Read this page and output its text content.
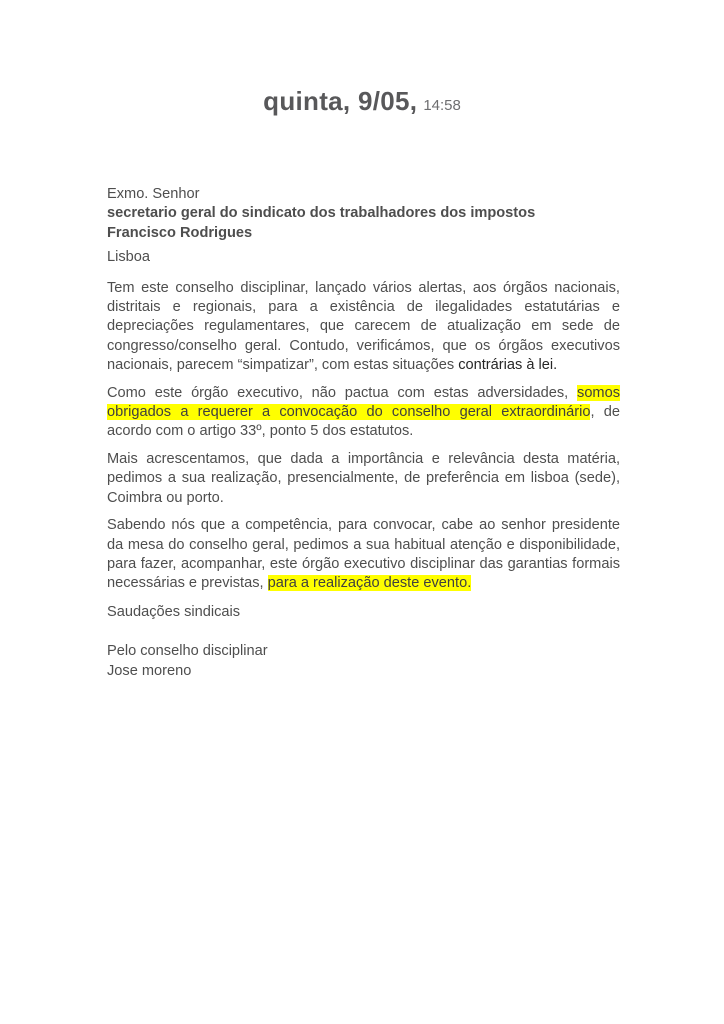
quinta, 9/05, 14:58
Exmo. Senhor
secretario geral do sindicato dos trabalhadores dos impostos
Francisco Rodrigues
Lisboa

Tem este conselho disciplinar, lançado vários alertas, aos órgãos nacionais, distritais e regionais, para a existência de ilegalidades estatutárias e depreciações regulamentares, que carecem de atualização em sede de congresso/conselho geral. Contudo, verificámos, que os órgãos executivos nacionais, parecem “simpatizar”, com estas situações contrárias à lei.

Como este órgão executivo, não pactua com estas adversidades, somos obrigados a requerer a convocação do conselho geral extraordinário, de acordo com o artigo 33º, ponto 5 dos estatutos.

Mais acrescentamos, que dada a importância e relevância desta matéria, pedimos a sua realização, presencialmente, de preferência em lisboa (sede), Coimbra ou porto.

Sabendo nós que a competência, para convocar, cabe ao senhor presidente da mesa do conselho geral, pedimos a sua habitual atenção e disponibilidade, para fazer, acompanhar, este órgão executivo disciplinar das garantias formais necessárias e previstas, para a realização deste evento.

Saudações sindicais
Pelo conselho disciplinar
Jose moreno
